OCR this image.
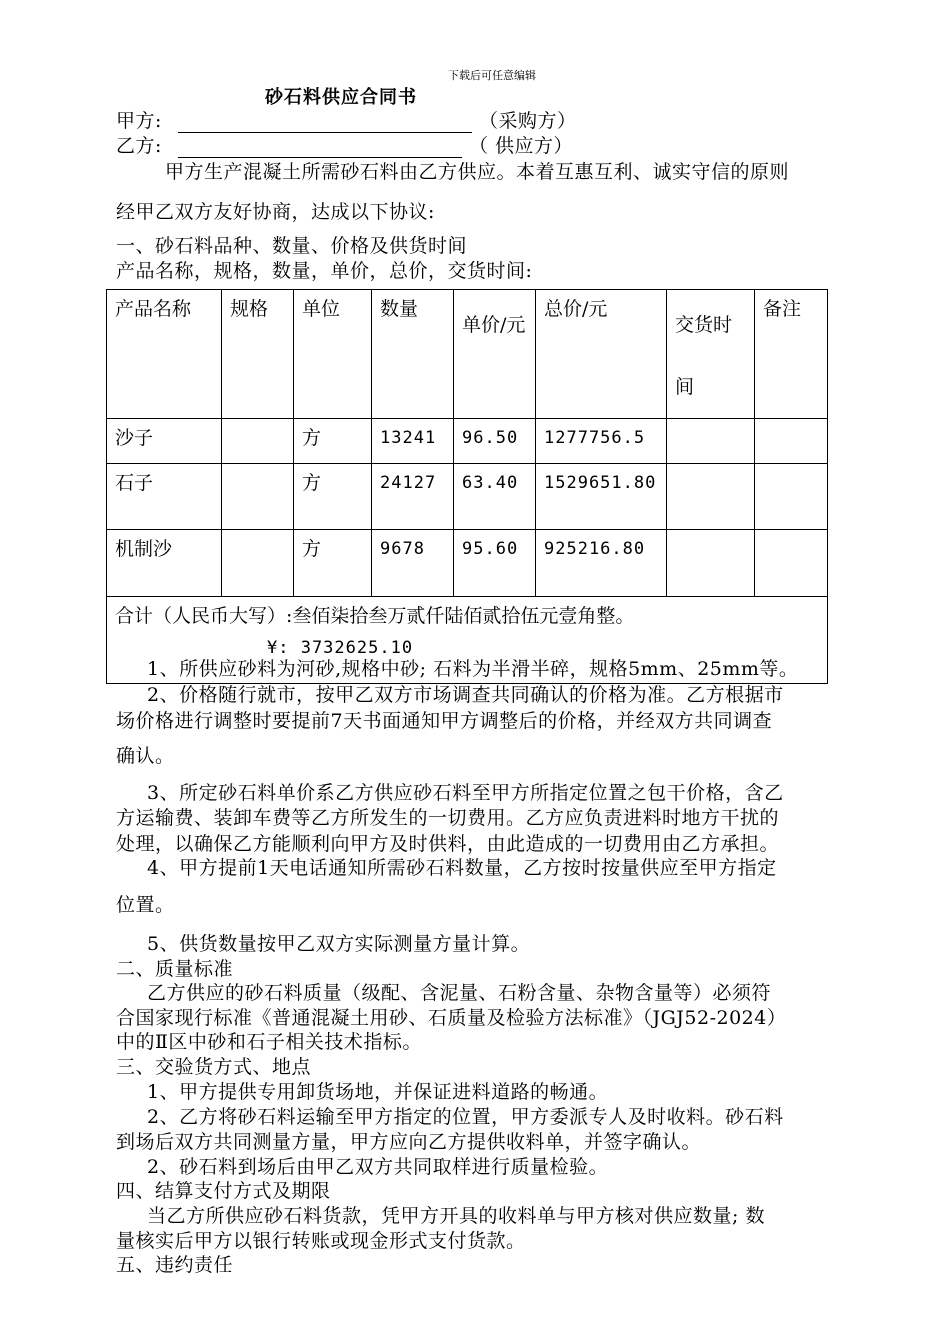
下载后可任意编辑
砂石料供应合同书
甲方:	（采购方）
乙方:	（ 供应方）
甲方生产混凝土所需砂石料由乙方供应。本着互惠互利、诚实守信的原则
经甲乙双方友好协商，达成以下协议:
一、砂石料品种、数量、价格及供货时间
产品名称，规格，数量，单价，总价，交货时间:
产品名称	规格	单位	数量	单价/元	总价/元	交货时间	备注
沙子		方	13241	96.50	1277756.5		
石子		方	24127	63.40	1529651.80		
机制沙		方	9678	95.60	925216.80		

合计（人民币大写）:叁佰柒拾叁万贰仟陆佰贰拾伍元壹角整。
¥: 3732625.10							
1、所供应砂料为河砂,规格中砂; 石料为半滑半碎，规格5mm、25mm等。
2、价格随行就市，按甲乙双方市场调查共同确认的价格为准。乙方根据市
场价格进行调整时要提前7天书面通知甲方调整后的价格，并经双方共同调查
确认。
3、所定砂石料单价系乙方供应砂石料至甲方所指定位置之包干价格，含乙
方运输费、装卸车费等乙方所发生的一切费用。乙方应负责进料时地方干扰的
处理，以确保乙方能顺利向甲方及时供料，由此造成的一切费用由乙方承担。
4、甲方提前1天电话通知所需砂石料数量，乙方按时按量供应至甲方指定
位置。
5、供货数量按甲乙双方实际测量方量计算。
二、质量标准
乙方供应的砂石料质量（级配、含泥量、石粉含量、杂物含量等）必须符
合国家现行标准《普通混凝土用砂、石质量及检验方法标准》（JGJ52-2024）
中的Ⅱ区中砂和石子相关技术指标。
三、交验货方式、地点
1、甲方提供专用卸货场地，并保证进料道路的畅通。
2、乙方将砂石料运输至甲方指定的位置，甲方委派专人及时收料。砂石料
到场后双方共同测量方量，甲方应向乙方提供收料单，并签字确认。
2、砂石料到场后由甲乙双方共同取样进行质量检验。
四、结算支付方式及期限
当乙方所供应砂石料货款，凭甲方开具的收料单与甲方核对供应数量; 数
量核实后甲方以银行转账或现金形式支付货款。
五、违约责任
